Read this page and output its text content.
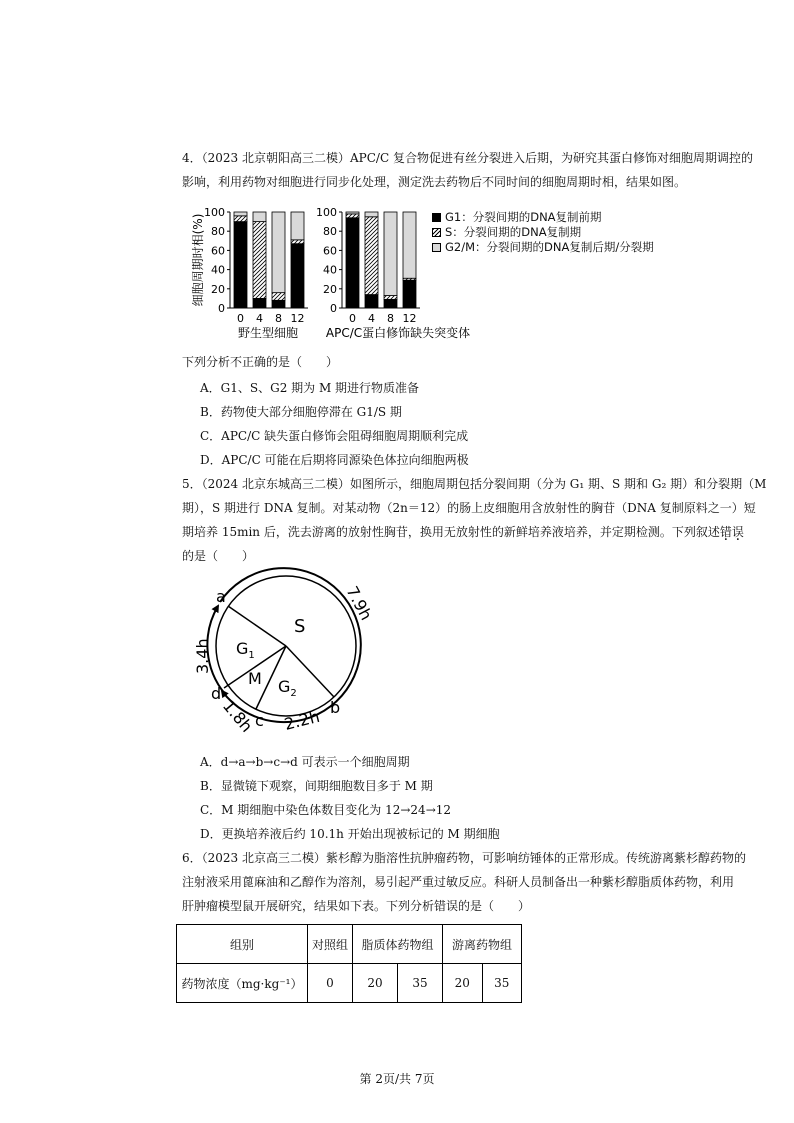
4．（2023 北京朝阳高三二模）APC/C 复合物促进有丝分裂进入后期，为研究其蛋白修饰对细胞周期调控的
影响，利用药物对细胞进行同步化处理，测定洗去药物后不同时间的细胞周期时相，结果如图。
0
20
40
60
80
100
0 4 8 12
野生型细胞
细胞周期时相(%)
0
20
40
60
80
100
0 4 8 12
APC/C蛋白修饰缺失突变体
G1：分裂间期的DNA复制前期
S：分裂间期的DNA复制期
G2/M：分裂间期的DNA复制后期/分裂期
下列分析不正确的是（　　）
A．G1、S、G2 期为 M 期进行物质准备
B．药物使大部分细胞停滞在 G1/S 期
C．APC/C 缺失蛋白修饰会阻碍细胞周期顺利完成
D．APC/C 可能在后期将同源染色体拉向细胞两极
5．（2024 北京东城高三二模）如图所示，细胞周期包括分裂间期（分为 G₁ 期、S 期和 G₂ 期）和分裂期（M
期），S 期进行 DNA 复制。对某动物（2n＝12）的肠上皮细胞用含放射性的胸苷（DNA 复制原料之一）短
期培养 15min 后，洗去游离的放射性胸苷，换用无放射性的新鲜培养液培养，并定期检测。下列叙述错误
的是（　　）
a
b
c
d
S
$G_1$
M $G_2$
7.9h
3.4h
1.8h 2.2h
A．d→a→b→c→d 可表示一个细胞周期
B．显微镜下观察，间期细胞数目多于 M 期
C．M 期细胞中染色体数目变化为 12→24→12
D．更换培养液后约 10.1h 开始出现被标记的 M 期细胞
6．（2023 北京高三二模）紫杉醇为脂溶性抗肿瘤药物，可影响纺锤体的正常形成。传统游离紫杉醇药物的
注射液采用蓖麻油和乙醇作为溶剂，易引起严重过敏反应。科研人员制备出一种紫杉醇脂质体药物，利用
肝肿瘤模型鼠开展研究，结果如下表。下列分析错误的是（　　）
组别	对照组	脂质体药物组		游离药物组	
药物浓度（mg·kg⁻¹）	0	20	35	20	35
第 2页/共 7页
